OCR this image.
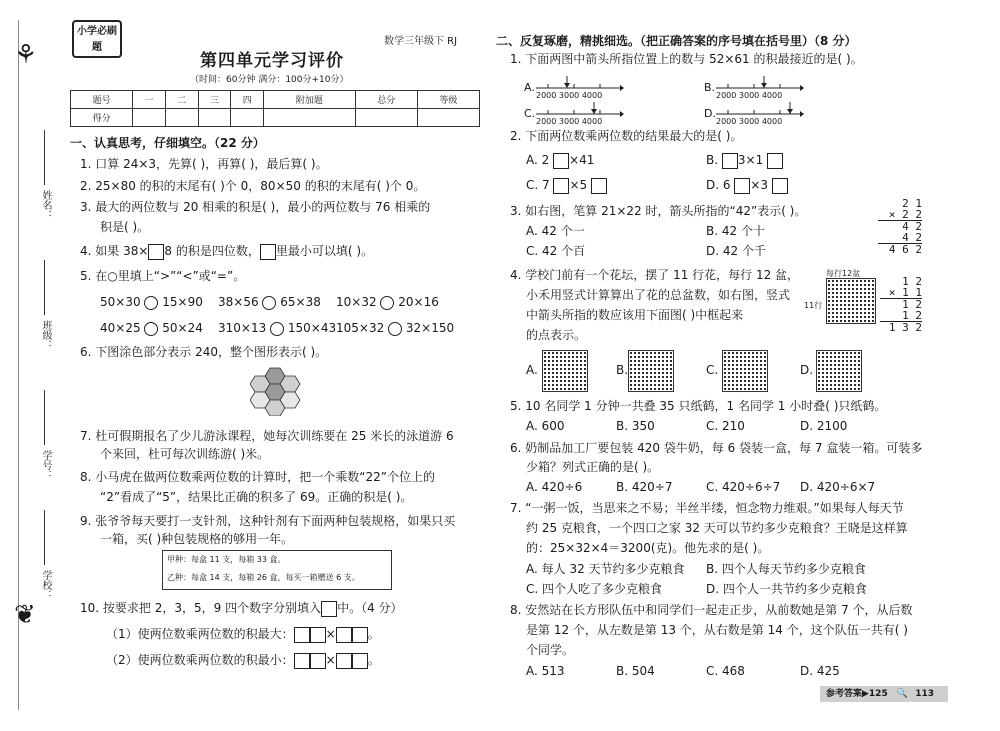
姓名：
班级：
学号：
学校：
⚘
❦
小学必刷题
数学三年级下 RJ
第四单元学习评价
（时间：60分钟 满分：100分+10分）
题号	一	二	三	四	附加题	总分	等级
得分							
一、认真思考，仔细填空。（22 分）
1. 口算 24×3，先算( )，再算( )，最后算( )。
2. 25×80 的积的末尾有( )个 0，80×50 的积的末尾有( )个 0。
3. 最大的两位数与 20 相乘的积是( )，最小的两位数与 76 相乘的
积是( )。
4. 如果 38× 8 的积是四位数， 里最小可以填( )。
5. 在○里填上“>”“<”或“=”。
50×30 15×90 38×56 65×38 10×32 20×16
40×25 50×24 310×13 150×43 105×32 32×150
6. 下图涂色部分表示 240，整个图形表示( )。
7. 杜可假期报名了少儿游泳课程，她每次训练要在 25 米长的泳道游 6
个来回，杜可每次训练游( )米。
8. 小马虎在做两位数乘两位数的计算时，把一个乘数“22”个位上的
“2”看成了“5”，结果比正确的积多了 69。正确的积是( )。
9. 张爷爷每天要打一支针剂，这种针剂有下面两种包装规格，如果只买
一箱，买( )种包装规格的够用一年。
甲种：每盒 11 支，每箱 33 盒。
乙种：每盒 14 支，每箱 26 盒，每买一箱赠送 6 支。
10. 按要求把 2，3，5，9 四个数字分别填入 中。（4 分）
（1）使两位数乘两位数的积最大：	×	。
（2）使两位数乘两位数的积最小：	×	。
二、反复琢磨，精挑细选。（把正确答案的序号填在括号里）（8 分）
1. 下面两图中箭头所指位置上的数与 52×61 的积最接近的是( )。
A.	B.
C.	D.
2000 3000 4000	2000 3000 4000
2000 3000 4000	2000 3000 4000
2. 下面两位数乘两位数的结果最大的是( )。
A. 2 ×41	B. 3×1
C. 7 ×5	D. 6 ×3
3. 如右图，笔算 21×22 时，箭头所指的“42”表示( )。
A. 42 个一	B. 42 个十
C. 42 个百	D. 42 个千
2 1
× 2 2
4 2
4 2
4 6 2
4. 学校门前有一个花坛，摆了 11 行花，每行 12 盆，
小禾用竖式计算算出了花的总盆数，如右图，竖式
中箭头所指的数应该用下面图( )中框起来
的点表示。
每行12盆
11行
1 2
× 1 1
1 2
1 2
1 3 2
A.	B.	C.	D.
5. 10 名同学 1 分钟一共叠 35 只纸鹤，1 名同学 1 小时叠( )只纸鹤。
A. 600	B. 350	C. 210	D. 2100
6. 奶制品加工厂要包装 420 袋牛奶，每 6 袋装一盒，每 7 盒装一箱。可装多
少箱？列式正确的是( )。
A. 420÷6	B. 420÷7	C. 420÷6÷7 D. 420÷6×7
7. “一粥一饭，当思来之不易；半丝半缕，恒念物力维艰。”如果每人每天节
约 25 克粮食，一个四口之家 32 天可以节约多少克粮食？王晓是这样算
的：25×32×4＝3200(克)。他先求的是( )。
A. 每人 32 天节约多少克粮食 B. 四个人每天节约多少克粮食
C. 四个人吃了多少克粮食	D. 四个人一共节约多少克粮食
8. 安然站在长方形队伍中和同学们一起走正步，从前数她是第 7 个，从后数
是第 12 个，从左数是第 13 个，从右数是第 14 个，这个队伍一共有( )
个同学。
A. 513	B. 504	C. 468	D. 425
参考答案▶125 🔍 113
